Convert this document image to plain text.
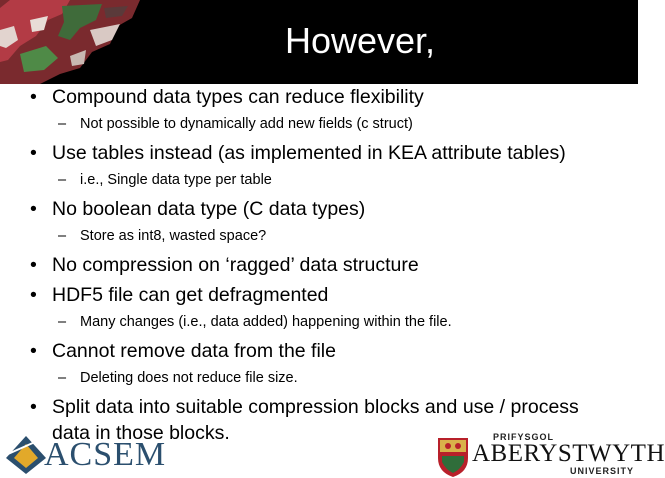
However,
• Compound data types can reduce flexibility
– Not possible to dynamically add new fields (c struct)
• Use tables instead (as implemented in KEA attribute tables)
– i.e., Single data type per table
• No boolean data type (C data types)
– Store as int8, wasted space?
• No compression on ‘ragged’ data structure
• HDF5 file can get defragmented
– Many changes (i.e., data added) happening within the file.
• Cannot remove data from the file
– Deleting does not reduce file size.
• Split data into suitable compression blocks and use / process data in those blocks.
ACSEM	PRIFYSGOL
ABERYSTWYTH
UNIVERSITY
